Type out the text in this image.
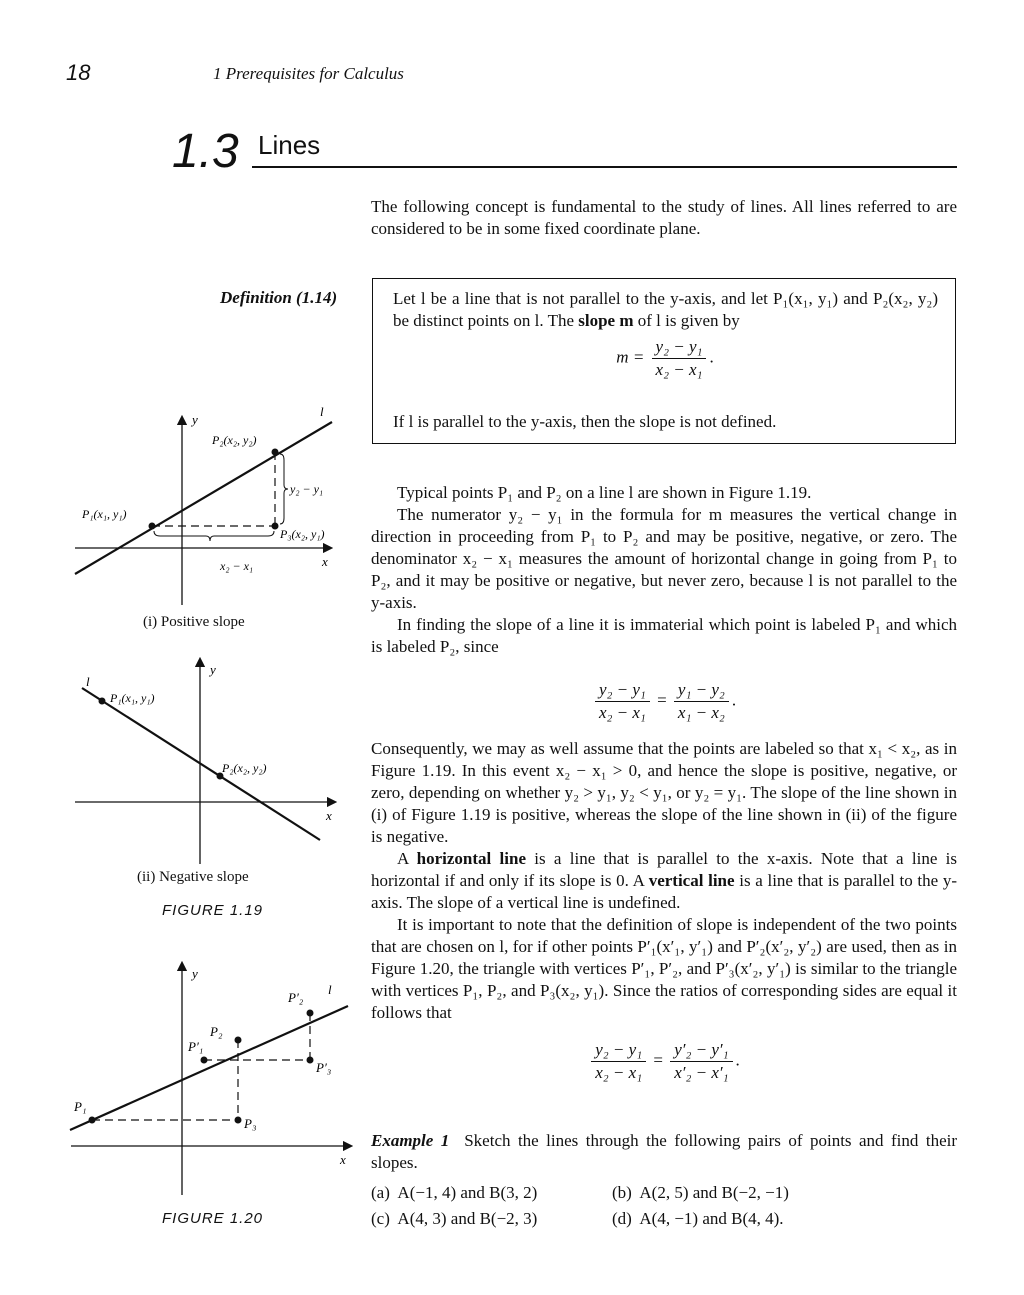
18	1 Prerequisites for Calculus
1.3 Lines
The following concept is fundamental to the study of lines. All lines referred to are considered to be in some fixed coordinate plane.
Definition (1.14)	Let l be a line that is not parallel to the y-axis, and let P₁(x₁, y₁) and P₂(x₂, y₂) be distinct points on l. The slope m of l is given by
$m = \frac{\text{y₂ − y₁}}{\text{x₂ − x₁}}$ .
If l is parallel to the y-axis, then the slope is not defined.
Typical points P₁ and P₂ on a line l are shown in Figure 1.19.
The numerator y₂ − y₁ in the formula for m measures the vertical change in direction in proceeding from P₁ to P₂ and may be positive, negative, or zero. The denominator x₂ − x₁ measures the amount of horizontal change in going from P₁ to P₂, and it may be positive or negative, but never zero, because l is not parallel to the y-axis.
In finding the slope of a line it is immaterial which point is labeled P₁ and which is labeled P₂, since
$\frac{\text{y₂ − y₁}}{\text{x₂ − x₁}} = \frac{\text{y₁ − y₂}}{\text{x₁ − x₂}}$ .
Consequently, we may as well assume that the points are labeled so that x₁ < x₂, as in Figure 1.19. In this event x₂ − x₁ > 0, and hence the slope is positive, negative, or zero, depending on whether y₂ > y₁, y₂ < y₁, or y₂ = y₁. The slope of the line shown in (i) of Figure 1.19 is positive, whereas the slope of the line shown in (ii) of the figure is negative.
A horizontal line is a line that is parallel to the x-axis. Note that a line is horizontal if and only if its slope is 0. A vertical line is a line that is parallel to the y-axis. The slope of a vertical line is undefined.
It is important to note that the definition of slope is independent of the two points that are chosen on l, for if other points P′₁(x′₁, y′₁) and P′₂(x′₂, y′₂) are used, then as in Figure 1.20, the triangle with vertices P′₁, P′₂, and P′₃(x′₂, y′₁) is similar to the triangle with vertices P₁, P₂, and P₃(x₂, y₁). Since the ratios of corresponding sides are equal it follows that
$\frac{\text{y₂ − y₁}}{\text{x₂ − x₁}} = \frac{\text{y′₂ − y′₁}}{\text{x′₂ − x′₁}}$ .
Example 1 Sketch the lines through the following pairs of points and find their slopes.
(a)  A(−1, 4) and B(3, 2)	(b)  A(2, 5) and B(−2, −1)
(c)  A(4, 3) and B(−2, 3)	(d)  A(4, −1) and B(4, 4).
y
x
l
P₂(x₂, y₂)
P₁(x₁, y₁)
P₃(x₂, y₁)
y₂ − y₁
x₂ − x₁
(i) Positive slope
y
x
l
P₁(x₁, y₁)
P₂(x₂, y₂)
(ii) Negative slope
FIGURE 1.19
y
x
l
P₁
P₂
P₃
P′₁
P′₂
P′₃
FIGURE 1.20
